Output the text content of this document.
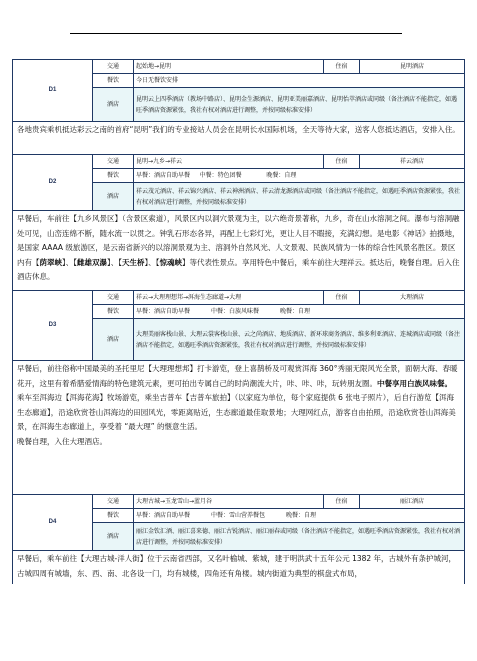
D1	交通	起始地→昆明	住宿	昆明酒店
	餐饮	今日无餐饮安排		
	酒店	昆明云上四季酒店（教场中路店）、昆明金生源酒店、昆明亚美丽嘉酒店、昆明怡萃酒店或同级（备注酒店不能指定，如遇旺季酒店资源紧张，我社有权对酒店进行调整，并按同级标准安排）		
各地贵宾乘机抵达彩云之南的首府“昆明”我们的专业接站人员会在昆明长水国际机场，全天等待大家，送客人您抵达酒店，安排入住。
D2	交通	昆明→九乡→祥云	住宿	祥云酒店
	餐饮	早餐：酒店自助早餐 中餐：特色团餐 晚餐：自理		
	酒店	祥云茂元酒店、祥云锦兴酒店、祥云神洲酒店、祥云清龙源酒店或同级（备注酒店不能指定，如遇旺季酒店资源紧张，我社有权对酒店进行调整，并按同级标准安排）		
早餐后，车前往【九乡风景区】（含景区索道），风景区内以洞穴景观为主，以六绝奇景著称，九乡，奇在山水溶洞之间。瀑布与溶洞融处可见，山峦连绵不断，随水流一以贯之。钟乳石形态各异，再配上七彩灯光，更让人目不暇接，充满幻想。是电影《神话》拍摄地，是国家 AAAA 级旅游区，是云南省新兴的以溶洞景观为主、溶洞外自然风光、人文景观、民族风情为一体的综合性风景名胜区。景区内有【荫翠峡】、【雌雄双瀑】、【天生桥】、【惊魂峡】等代表性景点。享用特色中餐后，乘车前往大理祥云。抵达后，晚餐自理。后入住酒店休息。
D3	交通	祥云→大理理想邦→洱海生态廊道→大理	住宿	大理酒店
	餐饮	早餐：酒店自助早餐 中餐：白族风味餐 晚餐：自理		
	酒店	大理美丽客栈山景、大理云裳客栈山景、云之尚酒店、地质酒店、新环球商务酒店、维多利亚酒店、连城酒店或同级（备注酒店不能指定，如遇旺季酒店资源紧张，我社有权对酒店进行调整，并按同级标准安排）		
早餐后，前往俗称中国最美的圣托里尼【大理理想邦】打卡游览，登上喜鹊桥及可观赏洱海 360°秀丽无限风光全景，面朝大海、春暖花开，这里有着希腊爱情海的特色建筑元素，更可拍出专属自己的时尚潮流大片，咔、咔、咔，玩转朋友圈。中餐享用白族风味餐。
乘车至洱海边【洱海花海】牧场游览，乘坐吉普车【吉普车旅拍】（以家庭为单位，每个家庭提供 6 张电子照片），后自行游览【洱海生态廊道】，沿途欣赏苍山洱海边的田园风光，零距离贴近，生态廊道最佳取景地；大理网红点，游客自由拍照，沿途欣赏苍山洱海美景，在洱海生态廊道上，享受着 “最大理” 的惬意生活。
晚餐自理，入住大理酒店。
D4	交通	大理古城→玉龙雪山→蓝月谷	住宿	丽江酒店
	餐饮	早餐：酒店自助早餐 中餐：雪山营养餐包 晚餐：自理		
	酒店	丽江金钦汇酒、丽江喜来德、丽江古锐酒店、丽江丽春或同级（备注酒店不能指定，如遇旺季酒店资源紧张，我社有权对酒店进行调整，并按同级标准安排）		
早餐后，乘车前往【大理古城-洋人街】位于云南省西部，又名叶榆城、紫城，建于明洪武十五年公元 1382 年，古城外有条护城河，古城四周有城墙，东、西、南、北各设一门，均有城楼，四角还有角楼。城内街道为典型的棋盘式布局，
